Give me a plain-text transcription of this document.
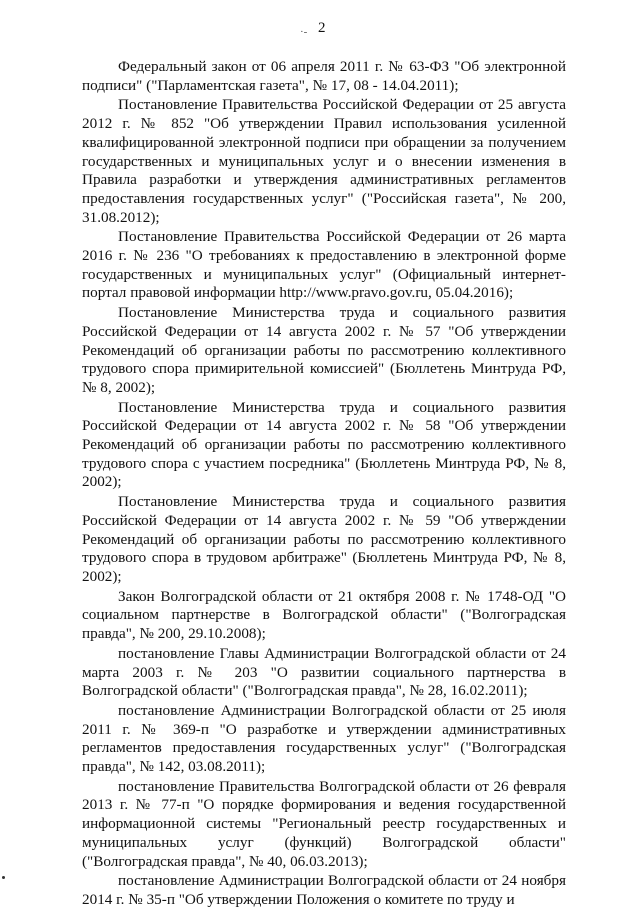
·- 2

Федеральный закон от 06 апреля 2011 г. № 63-ФЗ "Об электронной подписи" ("Парламентская газета", № 17, 08 - 14.04.2011);

Постановление Правительства Российской Федерации от 25 августа 2012 г. № 852 "Об утверждении Правил использования усиленной квалифицированной электронной подписи при обращении за получением государственных и муниципальных услуг и о внесении изменения в Правила разработки и утверждения административных регламентов предоставления государственных услуг" ("Российская газета", № 200, 31.08.2012);

Постановление Правительства Российской Федерации от 26 марта 2016 г. № 236 "О требованиях к предоставлению в электронной форме государственных и муниципальных услуг" (Официальный интернет-портал правовой информации http://www.pravo.gov.ru, 05.04.2016);

Постановление Министерства труда и социального развития Российской Федерации от 14 августа 2002 г. № 57 "Об утверждении Рекомендаций об организации работы по рассмотрению коллективного трудового спора примирительной комиссией" (Бюллетень Минтруда РФ, № 8, 2002);

Постановление Министерства труда и социального развития Российской Федерации от 14 августа 2002 г. № 58 "Об утверждении Рекомендаций об организации работы по рассмотрению коллективного трудового спора с участием посредника" (Бюллетень Минтруда РФ, № 8, 2002);

Постановление Министерства труда и социального развития Российской Федерации от 14 августа 2002 г. № 59 "Об утверждении Рекомендаций об организации работы по рассмотрению коллективного трудового спора в трудовом арбитраже" (Бюллетень Минтруда РФ, № 8, 2002);

Закон Волгоградской области от 21 октября 2008 г. № 1748-ОД "О социальном партнерстве в Волгоградской области" ("Волгоградская правда", № 200, 29.10.2008);

постановление Главы Администрации Волгоградской области от 24 марта 2003 г. № 203 "О развитии социального партнерства в Волгоградской области" ("Волгоградская правда", № 28, 16.02.2011);

постановление Администрации Волгоградской области от 25 июля 2011 г. № 369-п "О разработке и утверждении административных регламентов предоставления государственных услуг" ("Волгоградская правда", № 142, 03.08.2011);

постановление Правительства Волгоградской области от 26 февраля 2013 г. № 77-п "О порядке формирования и ведения государственной информационной системы "Региональный реестр государственных и муниципальных услуг (функций) Волгоградской области" ("Волгоградская правда", № 40, 06.03.2013);

постановление Администрации Волгоградской области от 24 ноября 2014 г. № 35-п "Об утверждении Положения о комитете по труду и
